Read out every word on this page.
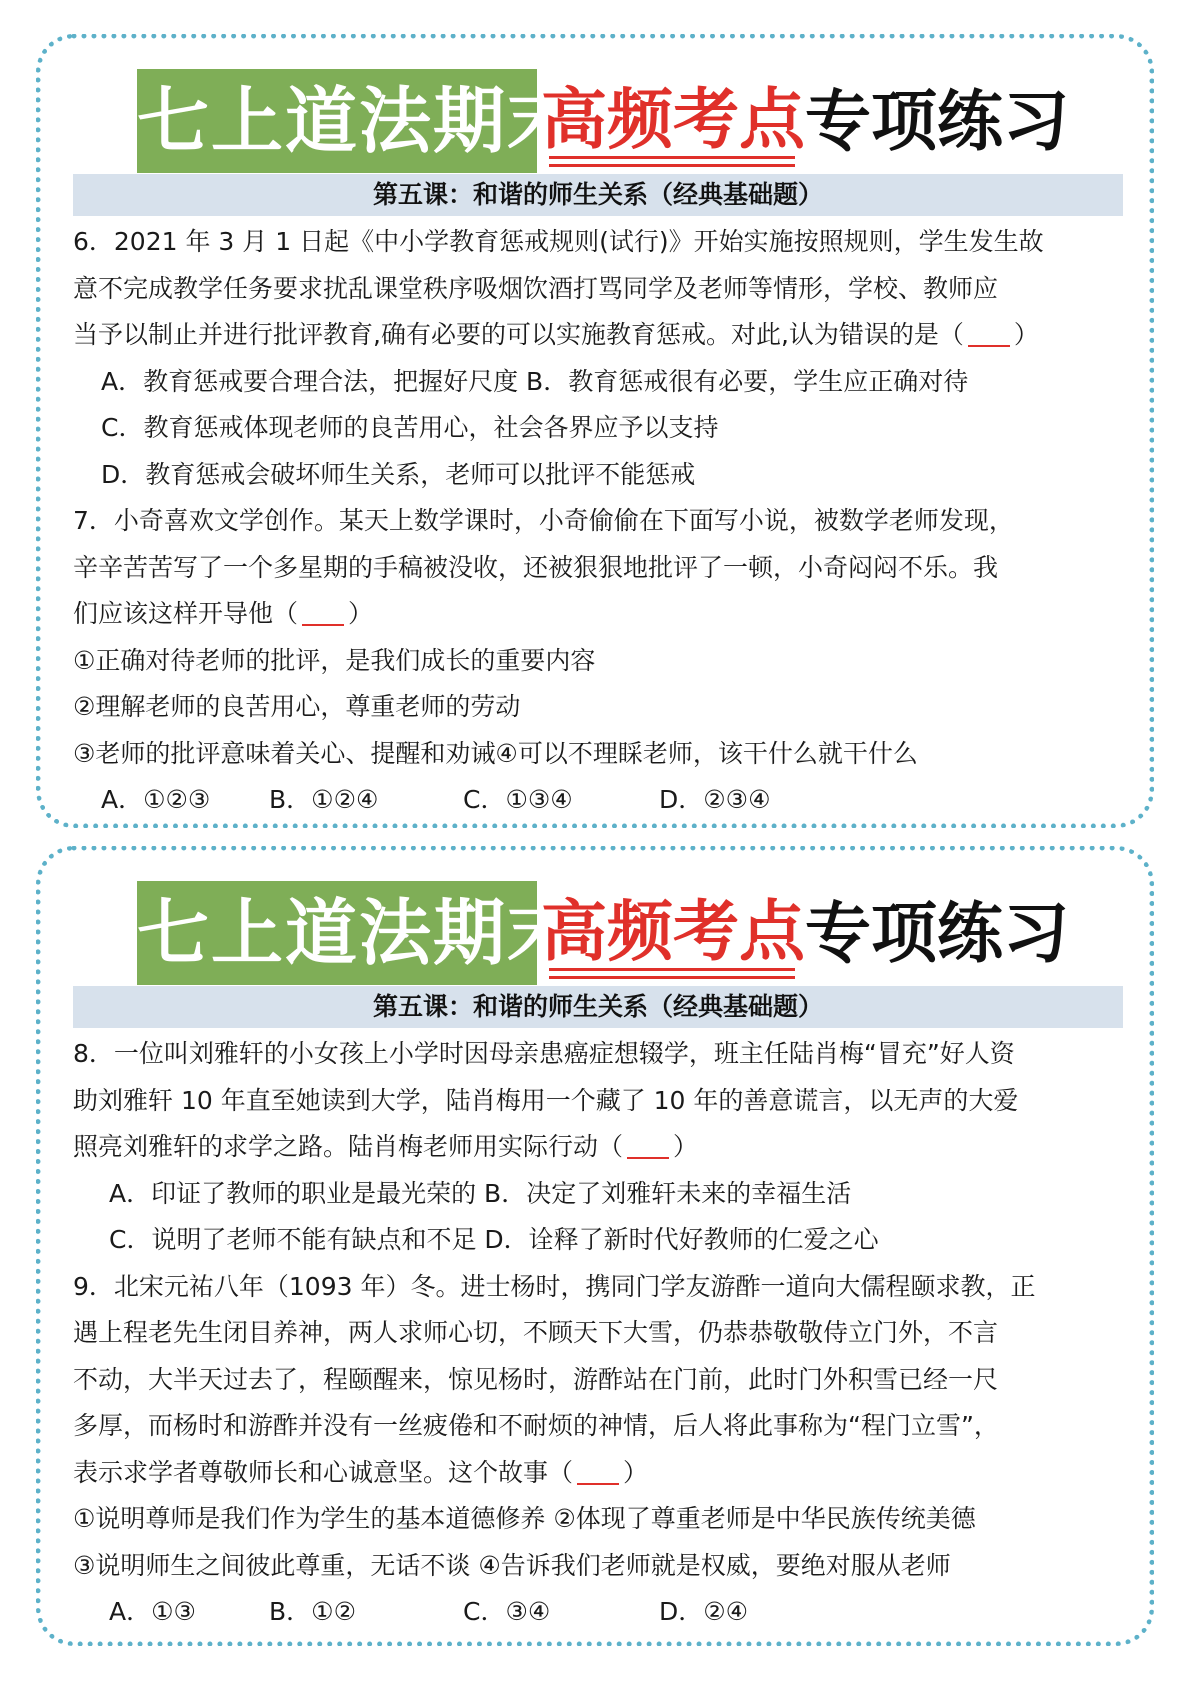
七上道法期末
高频考点 专项练习
第五课：和谐的师生关系（经典基础题）
6．2021 年 3 月 1 日起《中小学教育惩戒规则(试行)》开始实施按照规则，学生发生故
意不完成教学任务要求扰乱课堂秩序吸烟饮酒打骂同学及老师等情形，学校、教师应
当予以制止并进行批评教育,确有必要的可以实施教育惩戒。对此,认为错误的是（ ）
A．教育惩戒要合理合法，把握好尺度 B．教育惩戒很有必要，学生应正确对待
C．教育惩戒体现老师的良苦用心，社会各界应予以支持
D．教育惩戒会破坏师生关系，老师可以批评不能惩戒
7．小奇喜欢文学创作。某天上数学课时，小奇偷偷在下面写小说，被数学老师发现，
辛辛苦苦写了一个多星期的手稿被没收，还被狠狠地批评了一顿，小奇闷闷不乐。我
们应该这样开导他（ ）
①正确对待老师的批评，是我们成长的重要内容
②理解老师的良苦用心，尊重老师的劳动
③老师的批评意味着关心、提醒和劝诫④可以不理睬老师，该干什么就干什么
A．①②③ B．①②④	C．①③④	D．②③④
七上道法期末
高频考点 专项练习
第五课：和谐的师生关系（经典基础题）
8．一位叫刘雅轩的小女孩上小学时因母亲患癌症想辍学，班主任陆肖梅“冒充”好人资
助刘雅轩 10 年直至她读到大学，陆肖梅用一个藏了 10 年的善意谎言，以无声的大爱
照亮刘雅轩的求学之路。陆肖梅老师用实际行动（ ）
A．印证了教师的职业是最光荣的 B．决定了刘雅轩未来的幸福生活
C．说明了老师不能有缺点和不足 D．诠释了新时代好教师的仁爱之心
9．北宋元祐八年（1093 年）冬。进士杨时，携同门学友游酢一道向大儒程颐求教，正
遇上程老先生闭目养神，两人求师心切，不顾天下大雪，仍恭恭敬敬侍立门外，不言
不动，大半天过去了，程颐醒来，惊见杨时，游酢站在门前，此时门外积雪已经一尺
多厚，而杨时和游酢并没有一丝疲倦和不耐烦的神情，后人将此事称为“程门立雪”，
表示求学者尊敬师长和心诚意坚。这个故事（ ）
①说明尊师是我们作为学生的基本道德修养 ②体现了尊重老师是中华民族传统美德
③说明师生之间彼此尊重，无话不谈 ④告诉我们老师就是权威，要绝对服从老师
A．①③	B．①②	C．③④	D．②④
